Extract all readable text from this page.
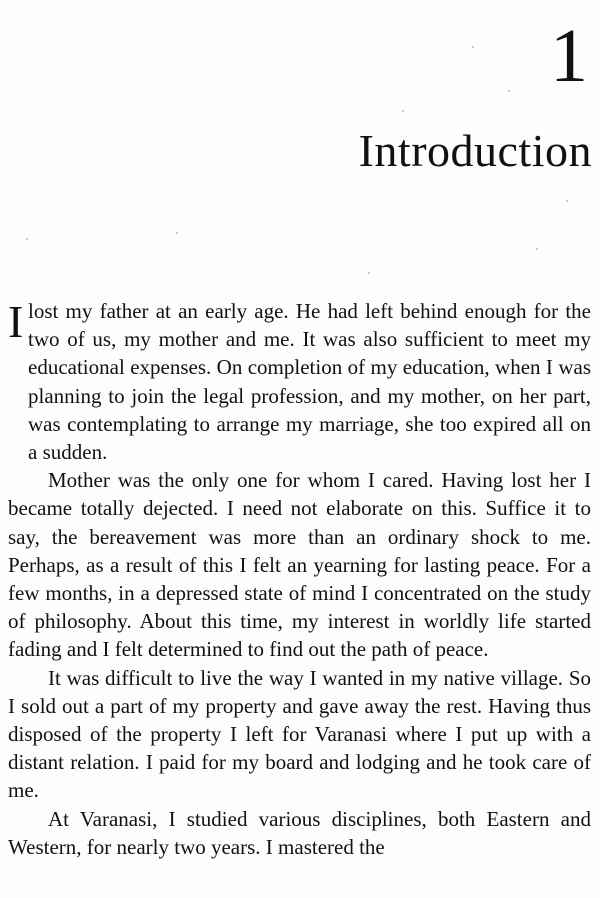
1
Introduction

I lost my father at an early age. He had left behind enough for the two of us, my mother and me. It was also sufficient to meet my educational expenses. On completion of my education, when I was planning to join the legal profession, and my mother, on her part, was contemplating to arrange my marriage, she too expired all on a sudden.

Mother was the only one for whom I cared. Having lost her I became totally dejected. I need not elaborate on this. Suffice it to say, the bereavement was more than an ordinary shock to me. Perhaps, as a result of this I felt an yearning for lasting peace. For a few months, in a depressed state of mind I concentrated on the study of philosophy. About this time, my interest in worldly life started fading and I felt determined to find out the path of peace.

It was difficult to live the way I wanted in my native village. So I sold out a part of my property and gave away the rest. Having thus disposed of the property I left for Varanasi where I put up with a distant relation. I paid for my board and lodging and he took care of me.

At Varanasi, I studied various disciplines, both Eastern and Western, for nearly two years. I mastered the
